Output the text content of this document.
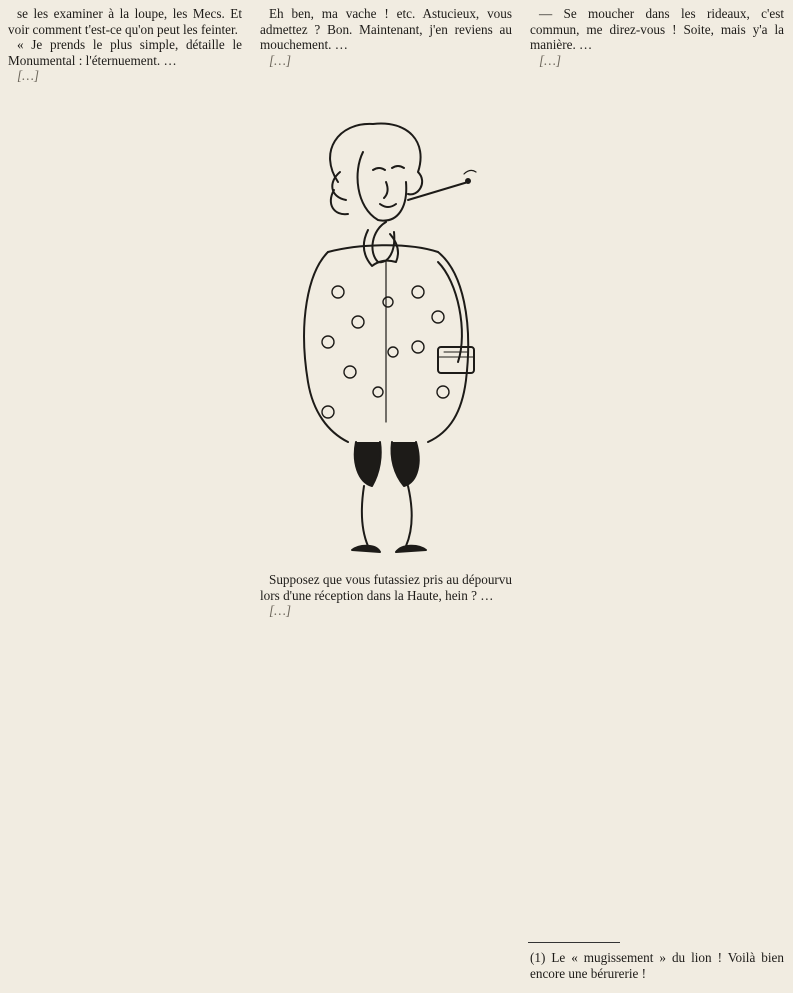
se les examiner à la loupe, les Mecs. Et voir comment t'est-ce qu'on peut les feinter.

« Je prends le plus simple, détaille le Monumental : l'éternuement. …

[…]

Eh ben, ma vache ! etc. Astucieux, vous admettez ? Bon. Maintenant, j'en reviens au mouchement. …

[…]

Supposez que vous futassiez pris au dépourvu lors d'une réception dans la Haute, hein ? …

[…]

— Se moucher dans les rideaux, c'est commun, me direz-vous ! Soite, mais y'a la manière. …

[…]

(1) Le « mugissement » du lion ! Voilà bien encore une bérurerie !
